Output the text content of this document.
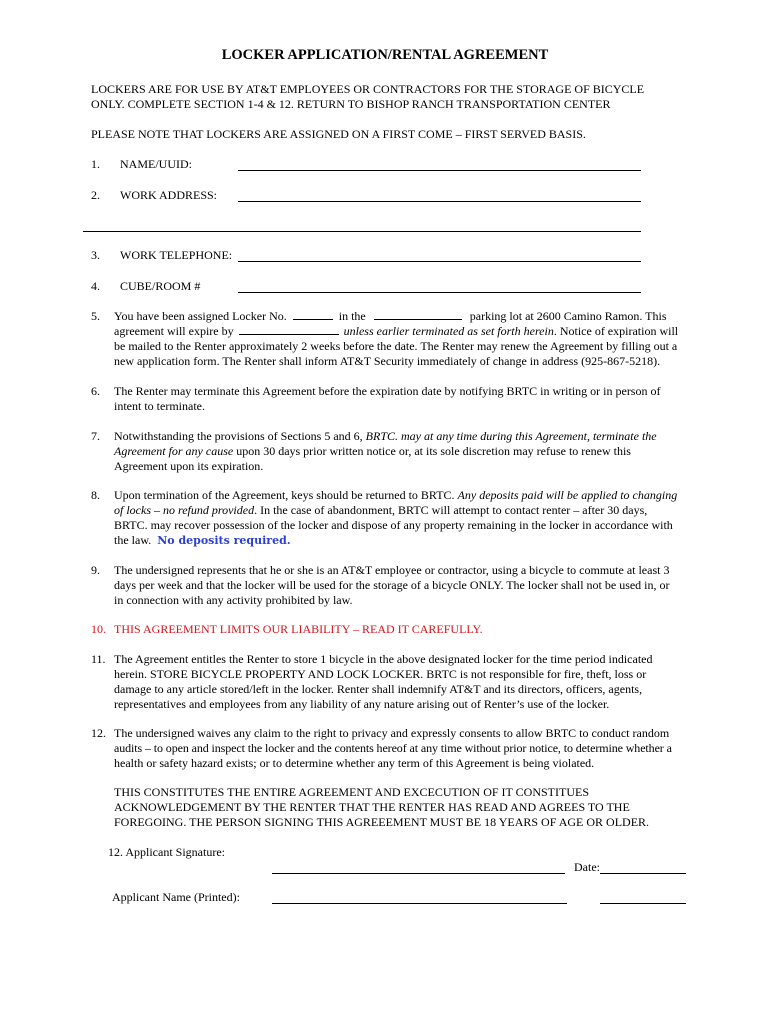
LOCKER APPLICATION/RENTAL AGREEMENT
LOCKERS ARE FOR USE BY AT&T EMPLOYEES OR CONTRACTORS FOR THE STORAGE OF BICYCLE
ONLY. COMPLETE SECTION 1-4 & 12. RETURN TO BISHOP RANCH TRANSPORTATION CENTER
PLEASE NOTE THAT LOCKERS ARE ASSIGNED ON A FIRST COME – FIRST SERVED BASIS.
1. NAME/UUID:
2. WORK ADDRESS:
3. WORK TELEPHONE:
4. CUBE/ROOM #
5. You have been assigned Locker No.	in the	parking lot at 2600 Camino Ramon. This
agreement will expire by	unless earlier terminated as set forth herein. Notice of expiration will
be mailed to the Renter approximately 2 weeks before the date. The Renter may renew the Agreement by filling out a
new application form. The Renter shall inform AT&T Security immediately of change in address (925-867-5218).
6. The Renter may terminate this Agreement before the expiration date by notifying BRTC in writing or in person of
intent to terminate.
7. Notwithstanding the provisions of Sections 5 and 6, BRTC. may at any time during this Agreement, terminate the
Agreement for any cause upon 30 days prior written notice or, at its sole discretion may refuse to renew this
Agreement upon its expiration.
8. Upon termination of the Agreement, keys should be returned to BRTC. Any deposits paid will be applied to changing
of locks – no refund provided. In the case of abandonment, BRTC will attempt to contact renter – after 30 days,
BRTC. may recover possession of the locker and dispose of any property remaining in the locker in accordance with
the law.  No deposits required.
9. The undersigned represents that he or she is an AT&T employee or contractor, using a bicycle to commute at least 3
days per week and that the locker will be used for the storage of a bicycle ONLY. The locker shall not be used in, or
in connection with any activity prohibited by law.
10. THIS AGREEMENT LIMITS OUR LIABILITY – READ IT CAREFULLY.
11. The Agreement entitles the Renter to store 1 bicycle in the above designated locker for the time period indicated
herein. STORE BICYCLE PROPERTY AND LOCK LOCKER. BRTC is not responsible for fire, theft, loss or
damage to any article stored/left in the locker. Renter shall indemnify AT&T and its directors, officers, agents,
representatives and employees from any liability of any nature arising out of Renter’s use of the locker.
12. The undersigned waives any claim to the right to privacy and expressly consents to allow BRTC to conduct random
audits – to open and inspect the locker and the contents hereof at any time without prior notice, to determine whether a
health or safety hazard exists; or to determine whether any term of this Agreement is being violated.
THIS CONSTITUTES THE ENTIRE AGREEMENT AND EXCECUTION OF IT CONSTITUES
ACKNOWLEDGEMENT BY THE RENTER THAT THE RENTER HAS READ AND AGREES TO THE
FOREGOING. THE PERSON SIGNING THIS AGREEEMENT MUST BE 18 YEARS OF AGE OR OLDER.
12. Applicant Signature:
Date:
Applicant Name (Printed):
